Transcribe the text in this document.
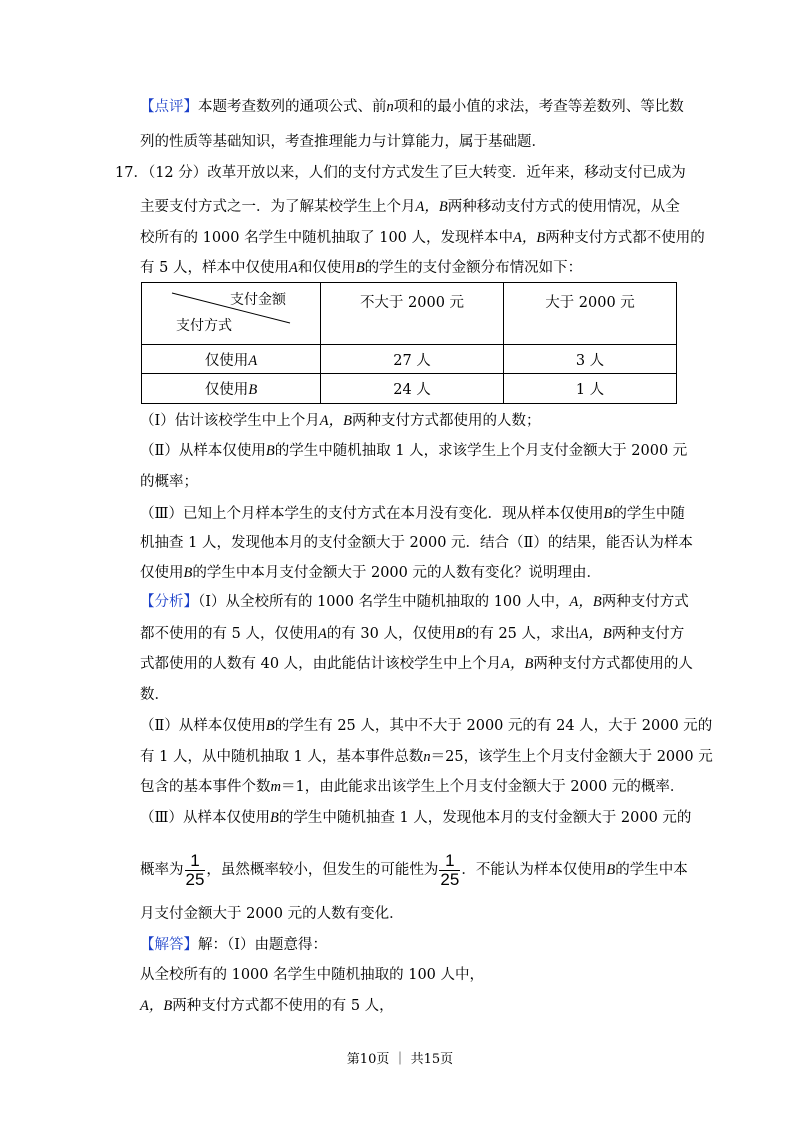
【点评】本题考查数列的通项公式、前n项和的最小值的求法，考查等差数列、等比数
列的性质等基础知识，考查推理能力与计算能力，属于基础题．
17．（12 分）改革开放以来，人们的支付方式发生了巨大转变．近年来，移动支付已成为
主要支付方式之一．为了解某校学生上个月A，B两种移动支付方式的使用情况，从全
校所有的 1000 名学生中随机抽取了 100 人，发现样本中A，B两种支付方式都不使用的
有 5 人，样本中仅使用A和仅使用B的学生的支付金额分布情况如下：
支付金额
支付方式	不大于 2000 元	大于 2000 元
仅使用A	27 人	3 人
仅使用B	24 人	1 人
（Ⅰ）估计该校学生中上个月A，B两种支付方式都使用的人数；
（Ⅱ）从样本仅使用B的学生中随机抽取 1 人，求该学生上个月支付金额大于 2000 元
的概率；
（Ⅲ）已知上个月样本学生的支付方式在本月没有变化．现从样本仅使用B的学生中随
机抽查 1 人，发现他本月的支付金额大于 2000 元．结合（Ⅱ）的结果，能否认为样本
仅使用B的学生中本月支付金额大于 2000 元的人数有变化？说明理由．
【分析】（Ⅰ）从全校所有的 1000 名学生中随机抽取的 100 人中，A，B两种支付方式
都不使用的有 5 人，仅使用A的有 30 人，仅使用B的有 25 人，求出A，B两种支付方
式都使用的人数有 40 人，由此能估计该校学生中上个月A，B两种支付方式都使用的人
数．
（Ⅱ）从样本仅使用B的学生有 25 人，其中不大于 2000 元的有 24 人，大于 2000 元的
有 1 人，从中随机抽取 1 人，基本事件总数n＝25，该学生上个月支付金额大于 2000 元
包含的基本事件个数m＝1，由此能求出该学生上个月支付金额大于 2000 元的概率．
（Ⅲ）从样本仅使用B的学生中随机抽查 1 人，发现他本月的支付金额大于 2000 元的
概率为 $\frac{1}{25}$ ，虽然概率较小，但发生的可能性为 $\frac{1}{25}$ ．不能认为样本仅使用B的学生中本
月支付金额大于 2000 元的人数有变化．
【解答】解：（Ⅰ）由题意得：
从全校所有的 1000 名学生中随机抽取的 100 人中，
A，B两种支付方式都不使用的有 5 人，
第10页 ｜ 共15页
